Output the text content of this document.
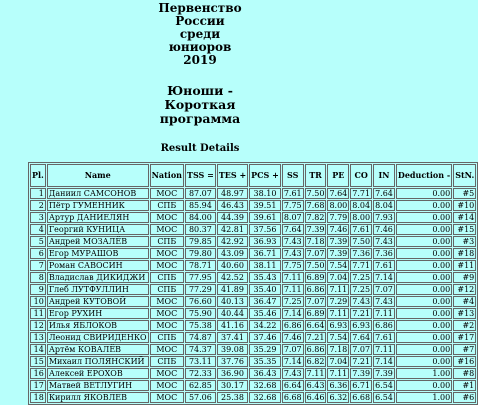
Первенство
России
среди
юниоров
2019
Юноши -
Короткая
программа
Result Details
Pl.	Name	Nation	TSS =	TES +	PCS +	SS	TR	PE	CO	IN	Deduction -	StN.
1	Даниил САМСОНОВ	МОС	87.07	48.97	38.10	7.61	7.50	7.64	7.71	7.64	0.00	#5
2	Пётр ГУМЕННИК	СПБ	85.94	46.43	39.51	7.75	7.68	8.00	8.04	8.04	0.00	#10
3	Артур ДАНИЕЛЯН	МОС	84.00	44.39	39.61	8.07	7.82	7.79	8.00	7.93	0.00	#14
4	Георгий КУНИЦА	МОС	80.37	42.81	37.56	7.64	7.39	7.46	7.61	7.46	0.00	#15
5	Андрей МОЗАЛЁВ	СПБ	79.85	42.92	36.93	7.43	7.18	7.39	7.50	7.43	0.00	#3
6	Егор МУРАШОВ	МОС	79.80	43.09	36.71	7.43	7.07	7.39	7.36	7.36	0.00	#18
7	Роман САВОСИН	МОС	78.71	40.60	38.11	7.75	7.50	7.54	7.71	7.61	0.00	#11
8	Владислав ДИКИДЖИ	СПБ	77.95	42.52	35.43	7.11	6.89	7.04	7.25	7.14	0.00	#9
9	Глеб ЛУТФУЛЛИН	СПБ	77.29	41.89	35.40	7.11	6.86	7.11	7.25	7.07	0.00	#12
10	Андрей КУТОВОЙ	МОС	76.60	40.13	36.47	7.25	7.07	7.29	7.43	7.43	0.00	#4
11	Егор РУХИН	МОС	75.90	40.44	35.46	7.14	6.89	7.11	7.21	7.11	0.00	#13
12	Илья ЯБЛОКОВ	МОС	75.38	41.16	34.22	6.86	6.64	6.93	6.93	6.86	0.00	#2
13	Леонид СВИРИДЕНКО	СПБ	74.87	37.41	37.46	7.46	7.21	7.54	7.64	7.61	0.00	#17
14	Артём КОВАЛЁВ	МОС	74.37	39.08	35.29	7.07	6.86	7.18	7.07	7.11	0.00	#7
15	Михаил ПОЛЯНСКИЙ	СПБ	73.11	37.76	35.35	7.14	6.82	7.04	7.21	7.14	0.00	#16
16	Алексей ЕРОХОВ	МОС	72.33	36.90	36.43	7.43	7.11	7.11	7.39	7.39	1.00	#8
17	Матвей ВЕТЛУГИН	МОС	62.85	30.17	32.68	6.64	6.43	6.36	6.71	6.54	0.00	#1
18	Кирилл ЯКОВЛЕВ	МОС	57.06	25.38	32.68	6.68	6.46	6.32	6.68	6.54	1.00	#6
